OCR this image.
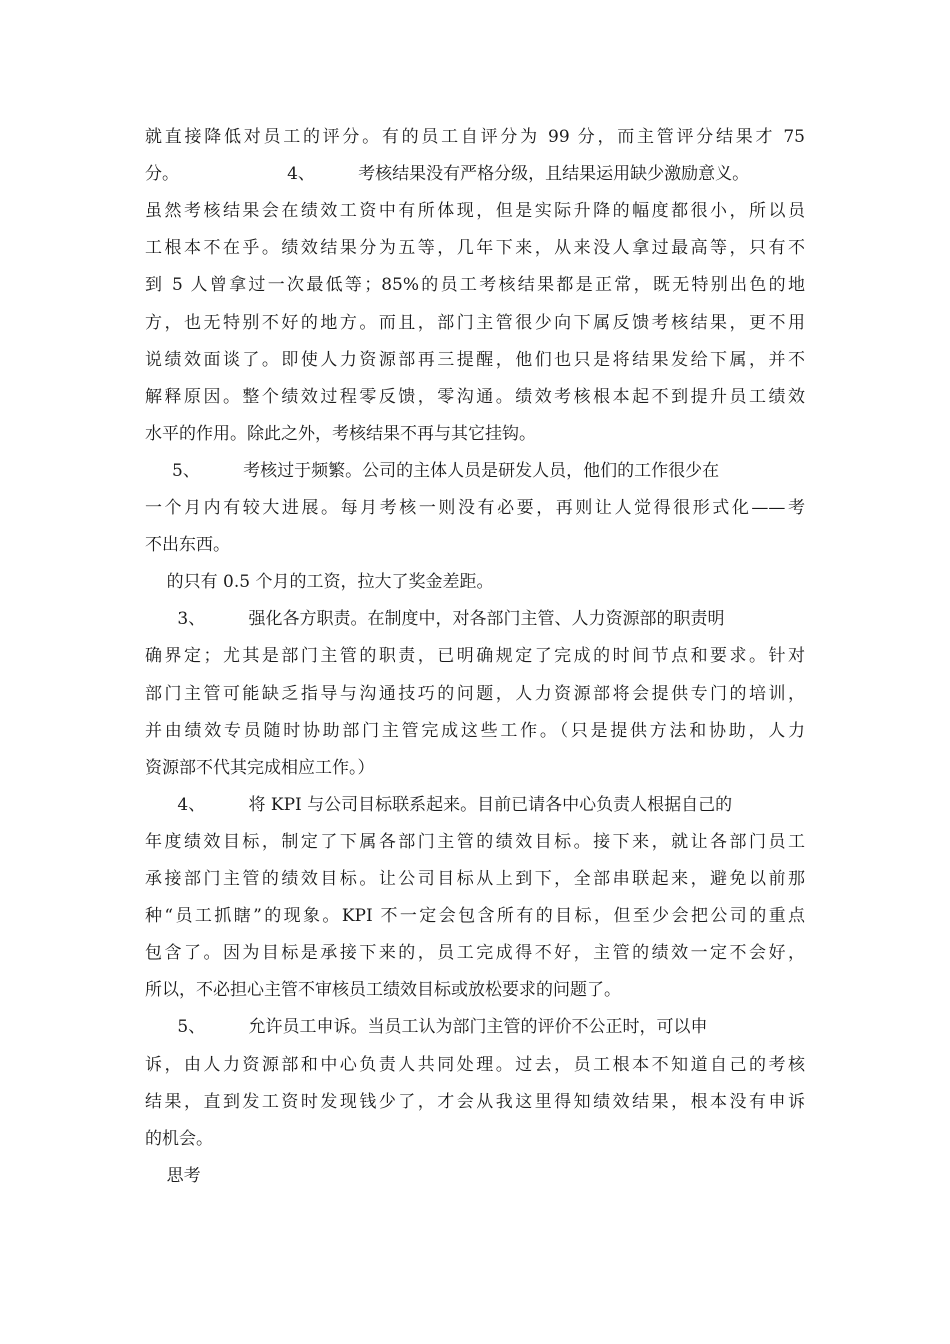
就直接降低对员工的评分。有的员工自评分为 99 分，而主管评分结果才 75
分。                    4、        考核结果没有严格分级，且结果运用缺少激励意义。
虽然考核结果会在绩效工资中有所体现，但是实际升降的幅度都很小，所以员
工根本不在乎。绩效结果分为五等，几年下来，从来没人拿过最高等，只有不
到 5 人曾拿过一次最低等；85%的员工考核结果都是正常，既无特别出色的地
方，也无特别不好的地方。而且，部门主管很少向下属反馈考核结果，更不用
说绩效面谈了。即使人力资源部再三提醒，他们也只是将结果发给下属，并不
解释原因。整个绩效过程零反馈，零沟通。绩效考核根本起不到提升员工绩效
水平的作用。除此之外，考核结果不再与其它挂钩。
5、        考核过于频繁。公司的主体人员是研发人员，他们的工作很少在
一个月内有较大进展。每月考核一则没有必要，再则让人觉得很形式化——考
不出东西。
的只有 0.5 个月的工资，拉大了奖金差距。
3、        强化各方职责。在制度中，对各部门主管、人力资源部的职责明
确界定；尤其是部门主管的职责，已明确规定了完成的时间节点和要求。针对
部门主管可能缺乏指导与沟通技巧的问题，人力资源部将会提供专门的培训，
并由绩效专员随时协助部门主管完成这些工作。（只是提供方法和协助，人力
资源部不代其完成相应工作。）
4、        将 KPI 与公司目标联系起来。目前已请各中心负责人根据自己的
年度绩效目标，制定了下属各部门主管的绩效目标。接下来，就让各部门员工
承接部门主管的绩效目标。让公司目标从上到下，全部串联起来，避免以前那
种“员工抓瞎”的现象。KPI 不一定会包含所有的目标，但至少会把公司的重点
包含了。因为目标是承接下来的，员工完成得不好，主管的绩效一定不会好，
所以，不必担心主管不审核员工绩效目标或放松要求的问题了。
5、        允许员工申诉。当员工认为部门主管的评价不公正时，可以申
诉，由人力资源部和中心负责人共同处理。过去，员工根本不知道自己的考核
结果，直到发工资时发现钱少了，才会从我这里得知绩效结果，根本没有申诉
的机会。
思考
